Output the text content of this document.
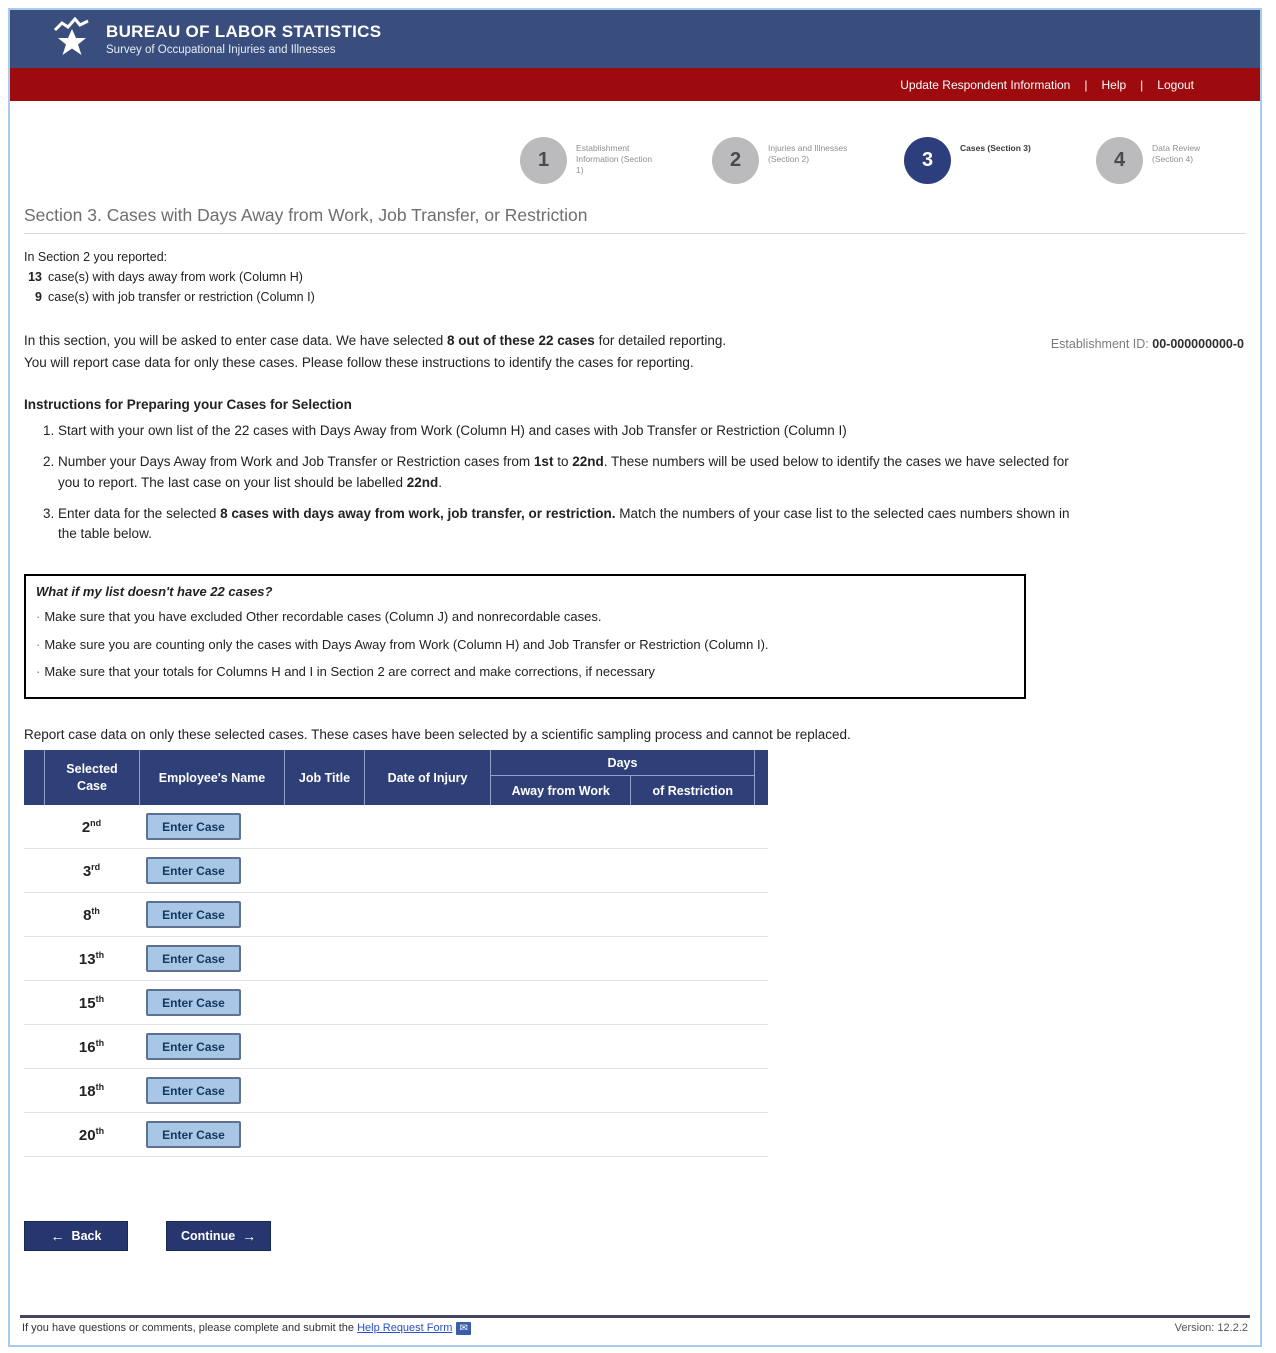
BUREAU OF LABOR STATISTICS
Survey of Occupational Injuries and Illnesses
Update Respondent Information	|	Help	|	Logout
1
Establishment Information (Section 1)	2
Injuries and Illnesses (Section 2)	3
Cases (Section 3)
4
Data Review (Section 4)
Section 3. Cases with Days Away from Work, Job Transfer, or Restriction
Establishment ID: 00-000000000-0
In Section 2 you reported:
13 case(s) with days away from work (Column H)
9 case(s) with job transfer or restriction (Column I)
In this section, you will be asked to enter case data. We have selected 8 out of these 22 cases for detailed reporting.
You will report case data for only these cases. Please follow these instructions to identify the cases for reporting.
Instructions for Preparing your Cases for Selection
1. Start with your own list of the 22 cases with Days Away from Work (Column H) and cases with Job Transfer or Restriction (Column I)
2. Number your Days Away from Work and Job Transfer or Restriction cases from 1st to 22nd. These numbers will be used below to identify the cases we have selected for you to report. The last case on your list should be labelled 22nd.
3. Enter data for the selected 8 cases with days away from work, job transfer, or restriction. Match the numbers of your case list to the selected caes numbers shown in the table below.
What if my list doesn't have 22 cases?
· Make sure that you have excluded Other recordable cases (Column J) and nonrecordable cases.
· Make sure you are counting only the cases with Days Away from Work (Column H) and Job Transfer or Restriction (Column I).
· Make sure that your totals for Columns H and I in Section 2 are correct and make corrections, if necessary
Report case data on only these selected cases. These cases have been selected by a scientific sampling process and cannot be replaced.
Selected Case
Employee's Name	Job Title	Date of Injury
Days
Away from Work	of Restriction
2nd	Enter Case
3rd	Enter Case
8th	Enter Case
13th	Enter Case
15th	Enter Case
16th	Enter Case
18th	Enter Case
20th	Enter Case
← Back	Continue →
If you have questions or comments, please complete and submit the Help Request Form ✉	Version: 12.2.2
